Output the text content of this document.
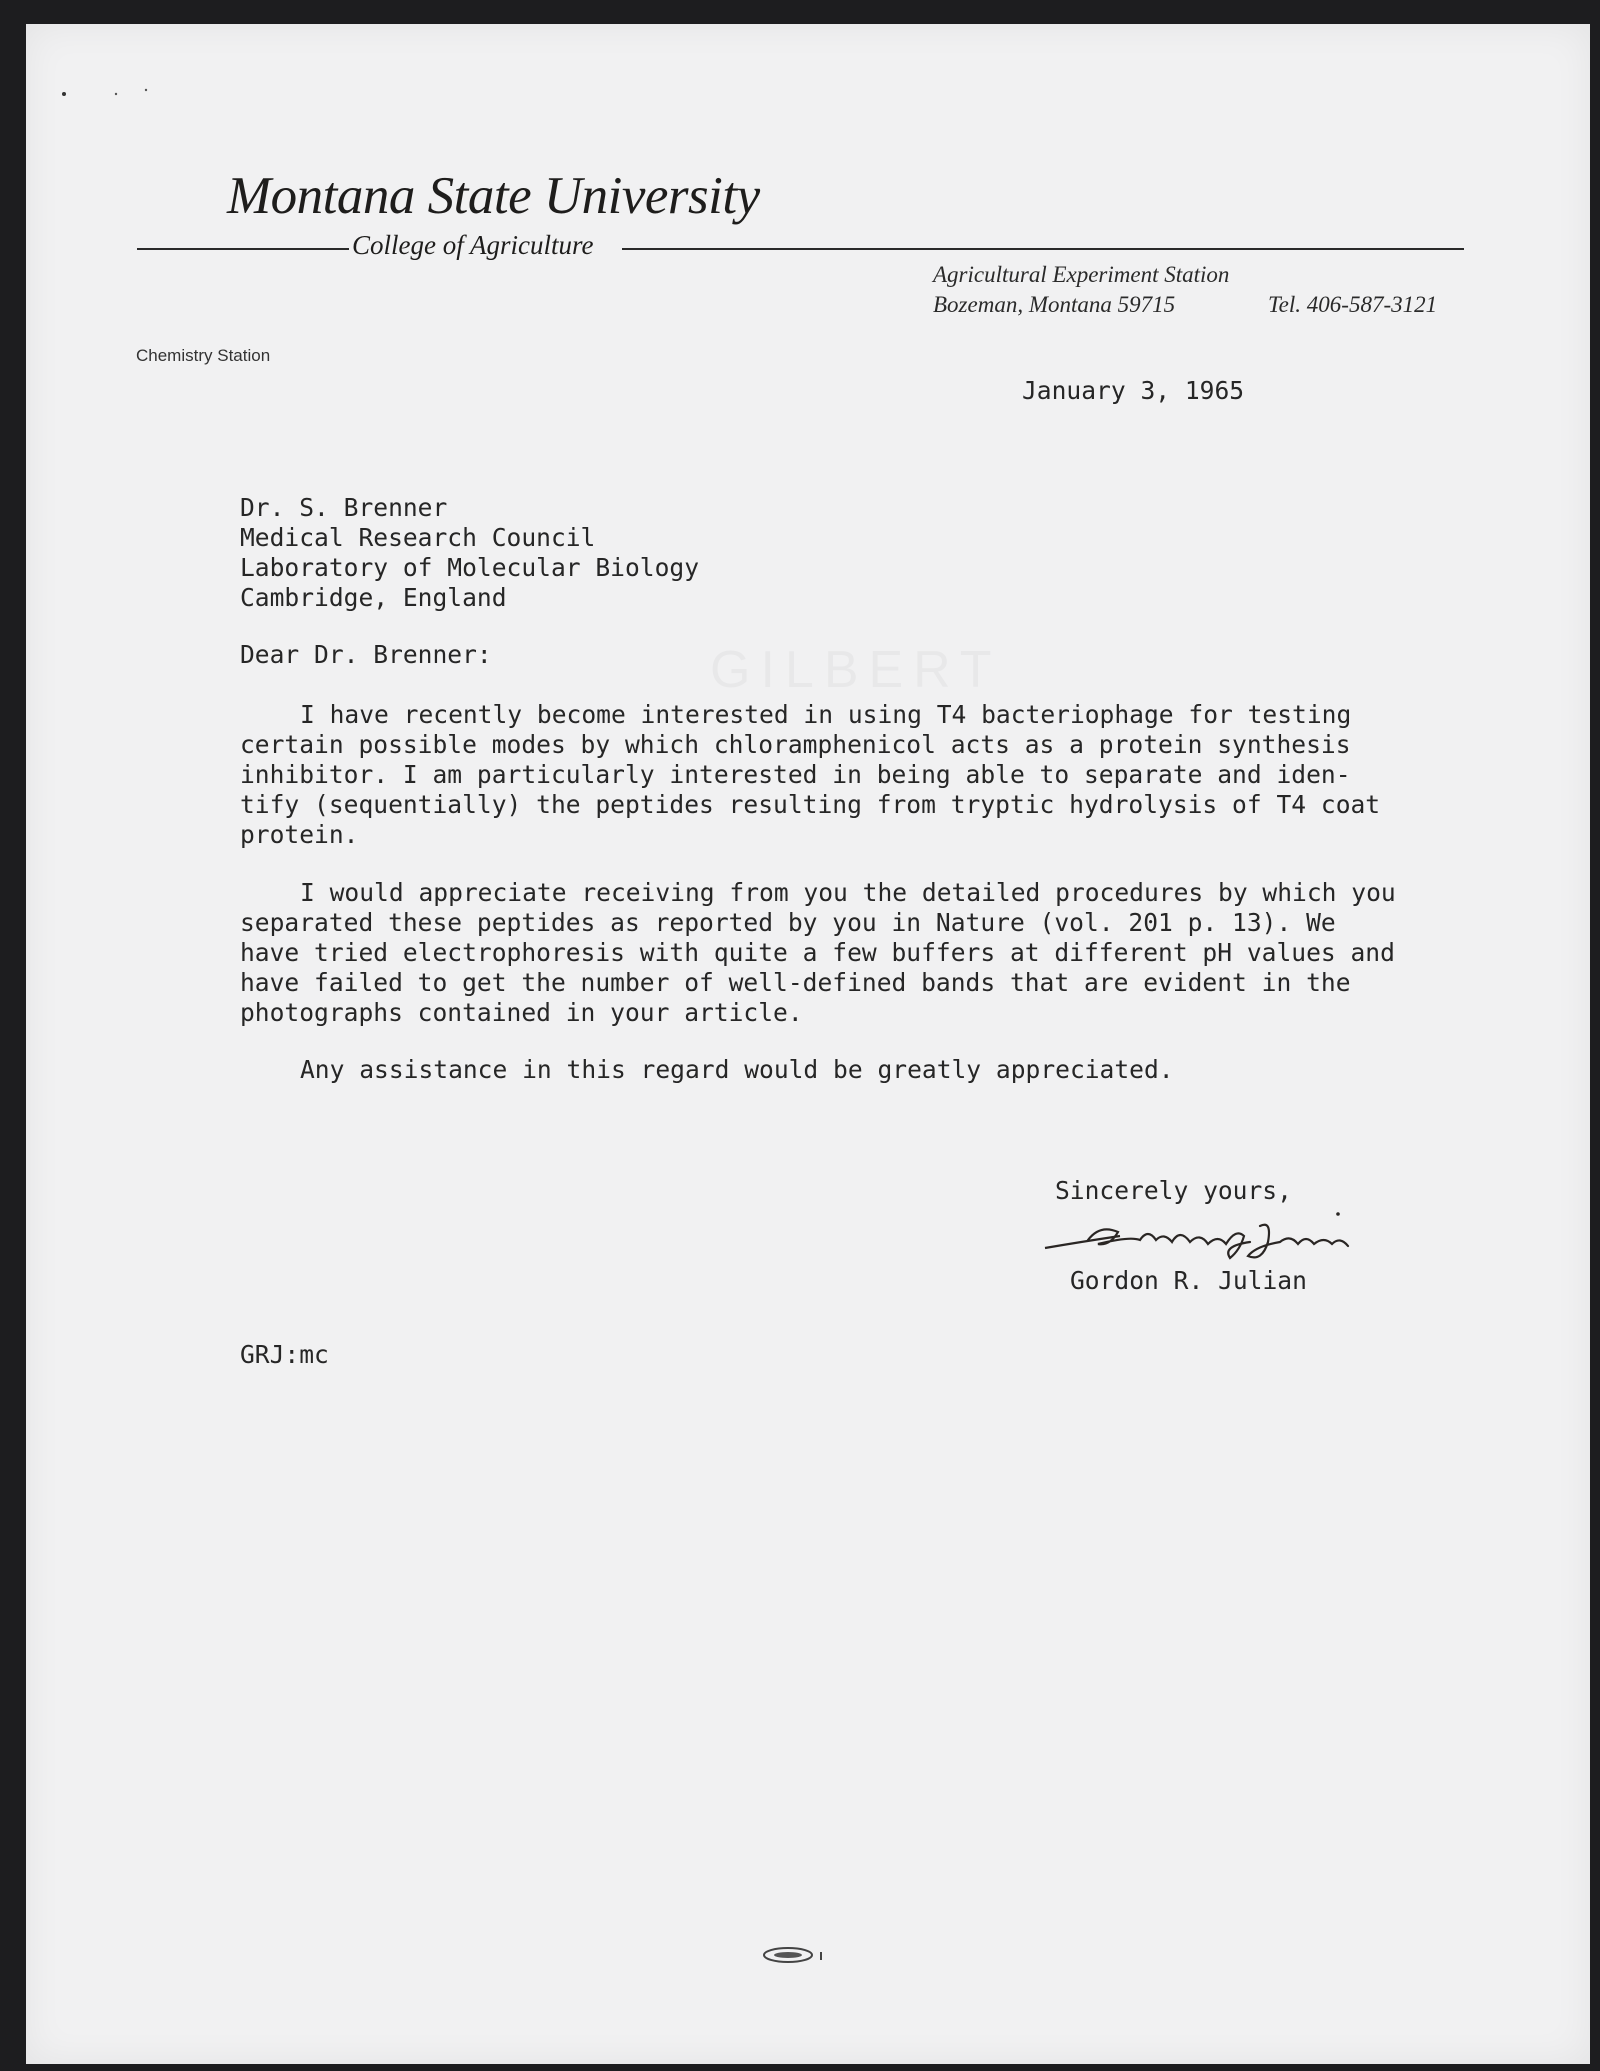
Montana State University
College of Agriculture
Agricultural Experiment Station
Bozeman, Montana 59715	Tel. 406-587-3121
Chemistry Station
January 3, 1965
Dr. S. Brenner
Medical Research Council
Laboratory of Molecular Biology
Cambridge, England
Dear Dr. Brenner:
I have recently become interested in using T4 bacteriophage for testing
certain possible modes by which chloramphenicol acts as a protein synthesis
inhibitor. I am particularly interested in being able to separate and iden-
tify (sequentially) the peptides resulting from tryptic hydrolysis of T4 coat
protein.
I would appreciate receiving from you the detailed procedures by which you
separated these peptides as reported by you in Nature (vol. 201 p. 13). We
have tried electrophoresis with quite a few buffers at different pH values and
have failed to get the number of well-defined bands that are evident in the
photographs contained in your article.
Any assistance in this regard would be greatly appreciated.
Sincerely yours,
Gordon R. Julian
GRJ:mc
